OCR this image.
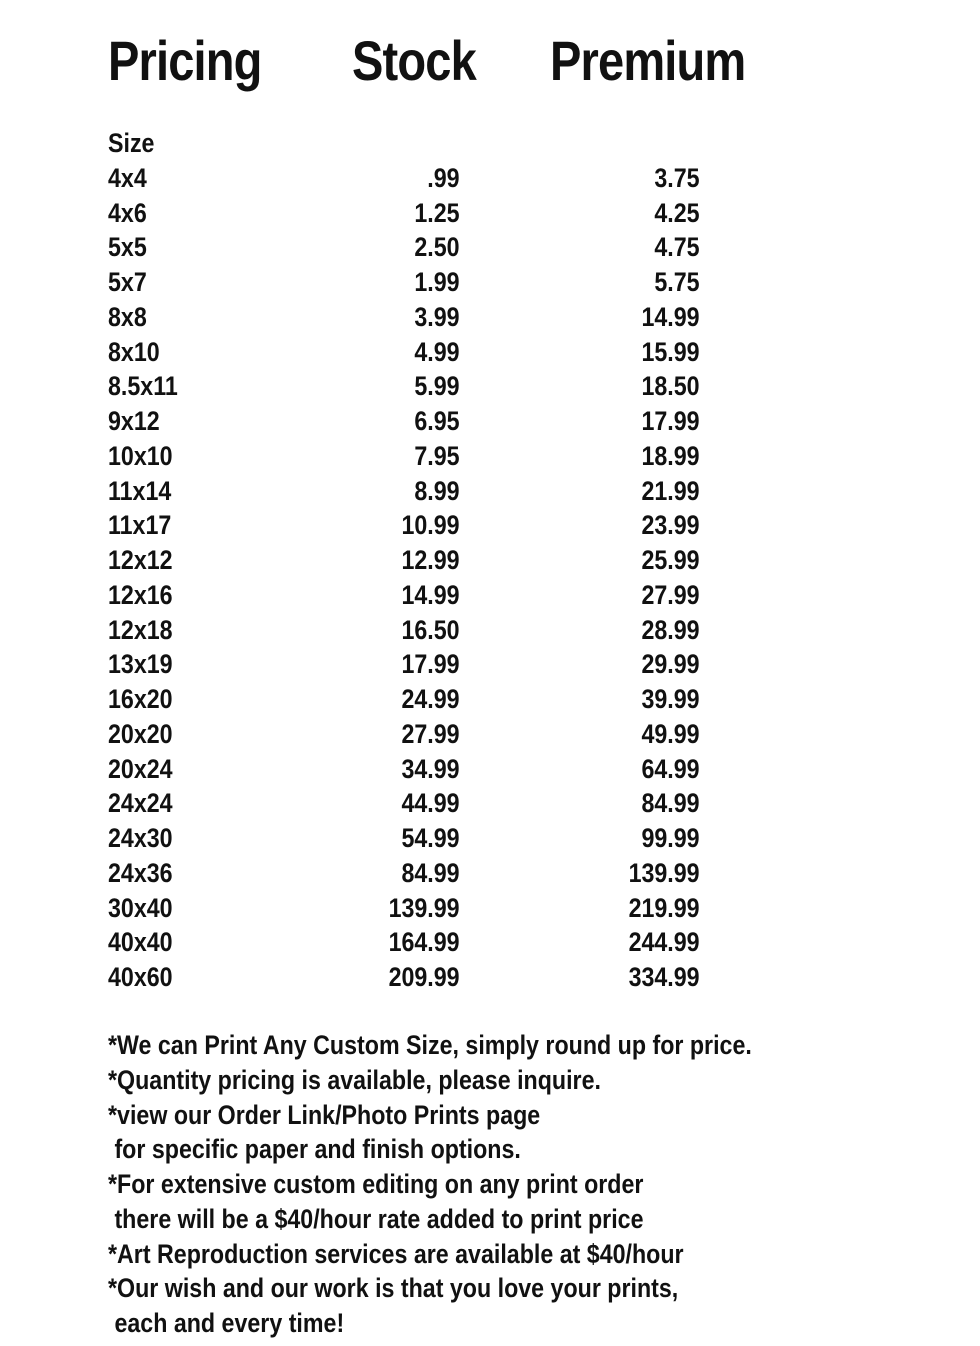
Pricing Stock Premium
Size
4x4	.99	3.75
4x6	1.25	4.25
5x5	2.50	4.75
5x7	1.99	5.75
8x8	3.99	14.99
8x10	4.99	15.99
8.5x11	5.99	18.50
9x12	6.95	17.99
10x10	7.95	18.99
11x14	8.99	21.99
11x17	10.99	23.99
12x12	12.99	25.99
12x16	14.99	27.99
12x18	16.50	28.99
13x19	17.99	29.99
16x20	24.99	39.99
20x20	27.99	49.99
20x24	34.99	64.99
24x24	44.99	84.99
24x30	54.99	99.99
24x36	84.99	139.99
30x40	139.99	219.99
40x40	164.99	244.99
40x60	209.99	334.99
*We can Print Any Custom Size, simply round up for price.
*Quantity pricing is available, please inquire.
*view our Order Link/Photo Prints page
for specific paper and finish options.
*For extensive custom editing on any print order
there will be a $40/hour rate added to print price
*Art Reproduction services are available at $40/hour
*Our wish and our work is that you love your prints,
each and every time!
